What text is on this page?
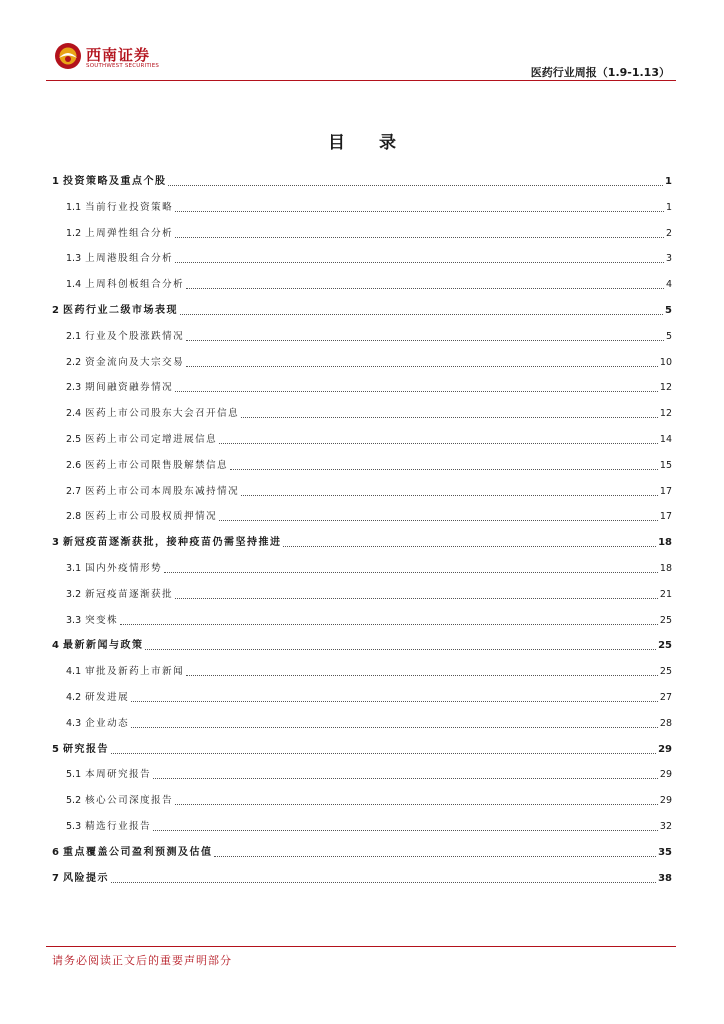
西南证券
SOUTHWEST SECURITIES	医药行业周报（1.9-1.13）
目 录
1 投资策略及重点个股	1
1.1 当前行业投资策略	1
1.2 上周弹性组合分析	2
1.3 上周港股组合分析	3
1.4 上周科创板组合分析	4
2 医药行业二级市场表现	5
2.1 行业及个股涨跌情况	5
2.2 资金流向及大宗交易	10
2.3 期间融资融券情况	12
2.4 医药上市公司股东大会召开信息	12
2.5 医药上市公司定增进展信息	14
2.6 医药上市公司限售股解禁信息	15
2.7 医药上市公司本周股东减持情况	17
2.8 医药上市公司股权质押情况	17
3 新冠疫苗逐渐获批，接种疫苗仍需坚持推进	18
3.1 国内外疫情形势	18
3.2 新冠疫苗逐渐获批	21
3.3 突变株	25
4 最新新闻与政策	25
4.1 审批及新药上市新闻	25
4.2 研发进展	27
4.3 企业动态	28
5 研究报告	29
5.1 本周研究报告	29
5.2 核心公司深度报告	29
5.3 精选行业报告	32
6 重点覆盖公司盈利预测及估值	35
7 风险提示	38
请务必阅读正文后的重要声明部分
